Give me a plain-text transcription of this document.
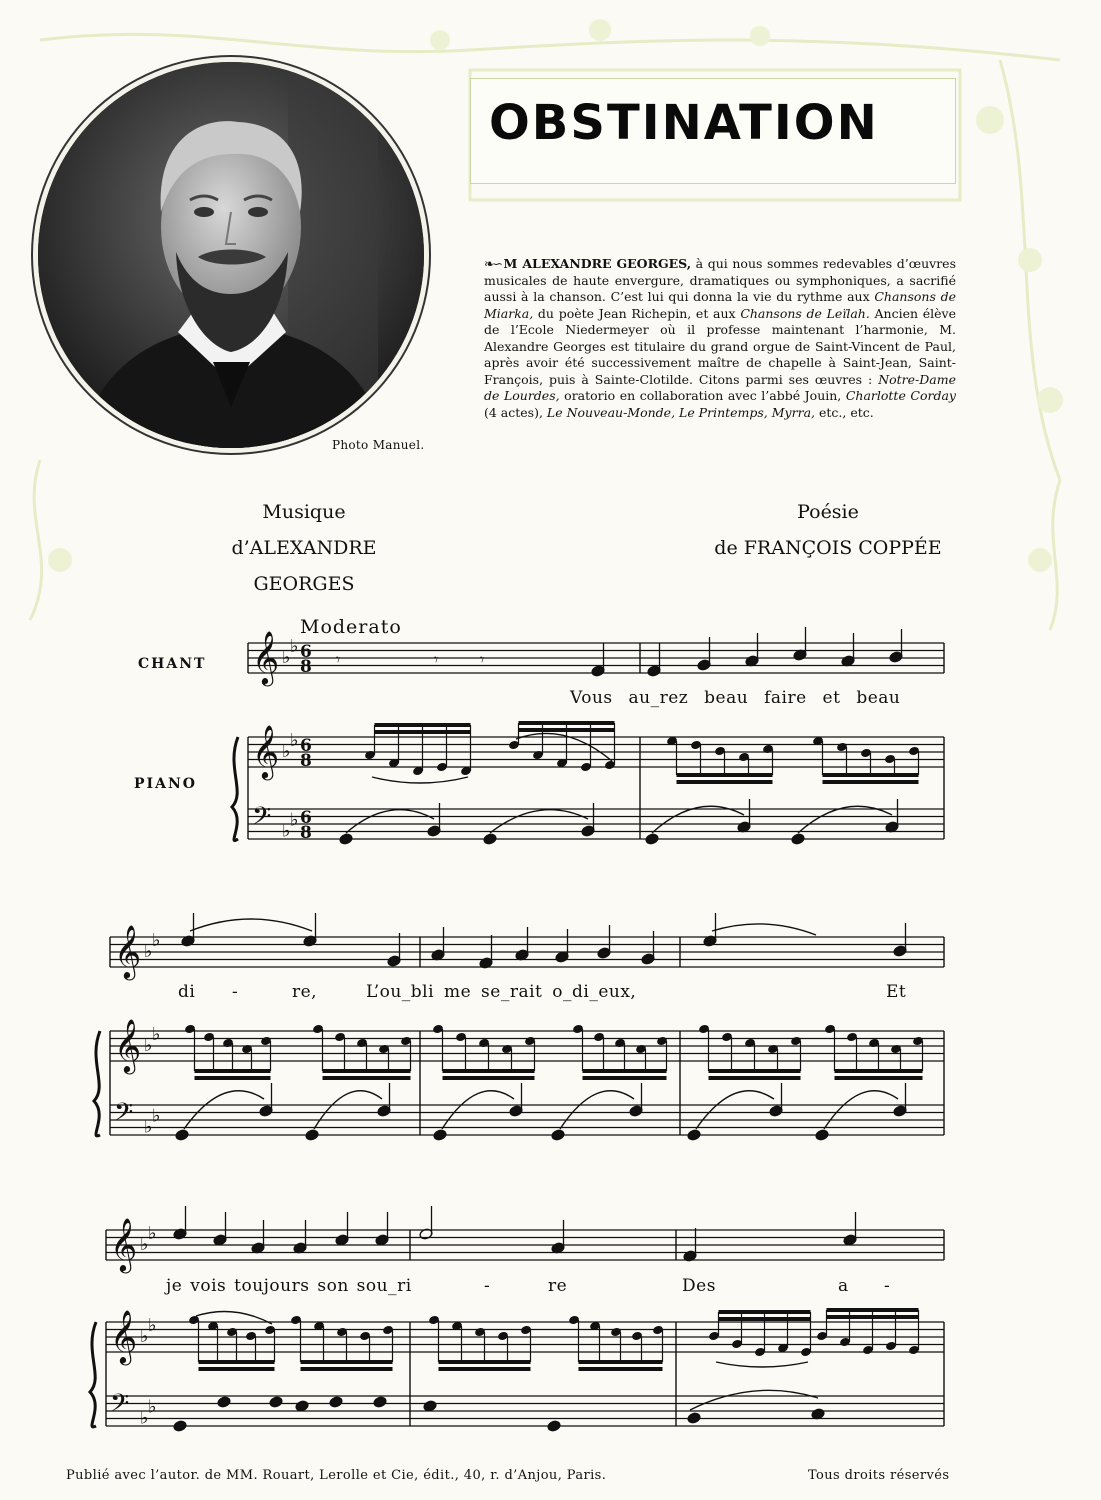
Photo Manuel.
OBSTINATION
❧∽ M ALEXANDRE GEORGES, à qui nous sommes redevables d’œuvres musicales de haute envergure, dramatiques ou symphoniques, a sacrifié aussi à la chanson. C’est lui qui donna la vie du rythme aux Chansons de Miarka, du poète Jean Richepin, et aux Chansons de Leïlah. Ancien élève de l’Ecole Niedermeyer où il professe maintenant l’harmonie, M. Alexandre Georges est titulaire du grand orgue de Saint-Vincent de Paul, après avoir été successivement maître de chapelle à Saint-Jean, Saint-François, puis à Sainte-Clotilde. Citons parmi ses œuvres : Notre-Dame de Lourdes, oratorio en collaboration avec l’abbé Jouin, Charlotte Corday (4 actes), Le Nouveau-Monde, Le Printemps, Myrra, etc., etc.
Musique
d’ALEXANDRE GEORGES
Poésie
de FRANÇOIS COPPÉE
Moderato
CHANT
PIANO
𝄞
𝄞
𝄢
♭
♭
♭
♭
♭
♭
6
8
6
8
6
8
𝄾	𝄾	𝄾
𝄞
𝄞
𝄢
♭
♭
♭
♭
♭
♭
𝄞
𝄞
𝄢
♭
♭
♭
♭
♭
♭
Vous au_rez beau faire et beau
di -	re,	L’ou_bli me se_rait o_di_eux,	Et
je vois toujours son sou_ri	-	re	Des	a -
Publié avec l’autor. de MM. Rouart, Lerolle et Cie, édit., 40, r. d’Anjou, Paris.	Tous droits réservés
